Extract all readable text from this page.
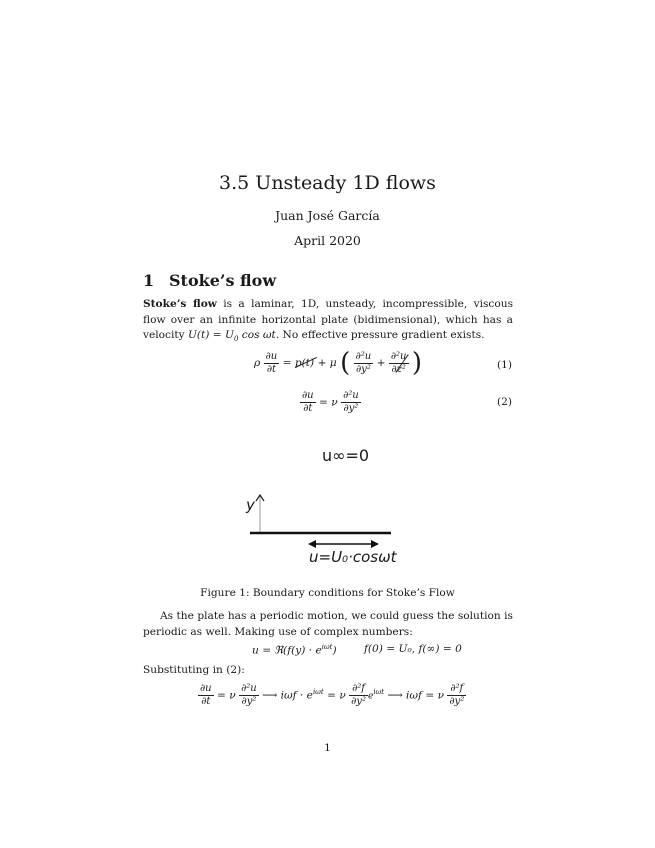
3.5 Unsteady 1D flows
Juan José García
April 2020
1 Stoke’s flow
Stoke’s flow is a laminar, 1D, unsteady, incompressible, viscous flow over an infinite horizontal plate (bidimensional), which has a velocity $U(t) = U_0$ cos ωt. No effective pressure gradient exists.
ρ $\frac{\partial u}{\partial t} = p(t) + \mu$ ( $\frac{\text{∂²u}}{\text{∂y²}} + \frac{\text{∂²u}}{\text{∂z²}}$ )	(1)
$\frac{\partial u}{\partial t} = \nu \frac{\text{∂²u}}{\text{∂y²}}$	(2)
u∞=0
y
u=U₀·cosωt
Figure 1: Boundary conditions for Stoke’s Flow
As the plate has a periodic motion, we could guess the solution is periodic as well. Making use of complex numbers:
u = ℜ(f(y) · $e^{i\omega t}$)	f(0) = U₀, f(∞) = 0
Substituting in (2):
$\frac{\partial u}{\partial t} = \nu \frac{\text{∂²u}}{\text{∂y²}}$ ⟶ $i\omega f \cdot e^{i\omega t} = \nu \frac{\text{∂²f}}{\text{∂y²}} e^{i\omega t}$ ⟶ iωf = ν $\frac{\text{∂²f}}{\text{∂y²}}$
1
